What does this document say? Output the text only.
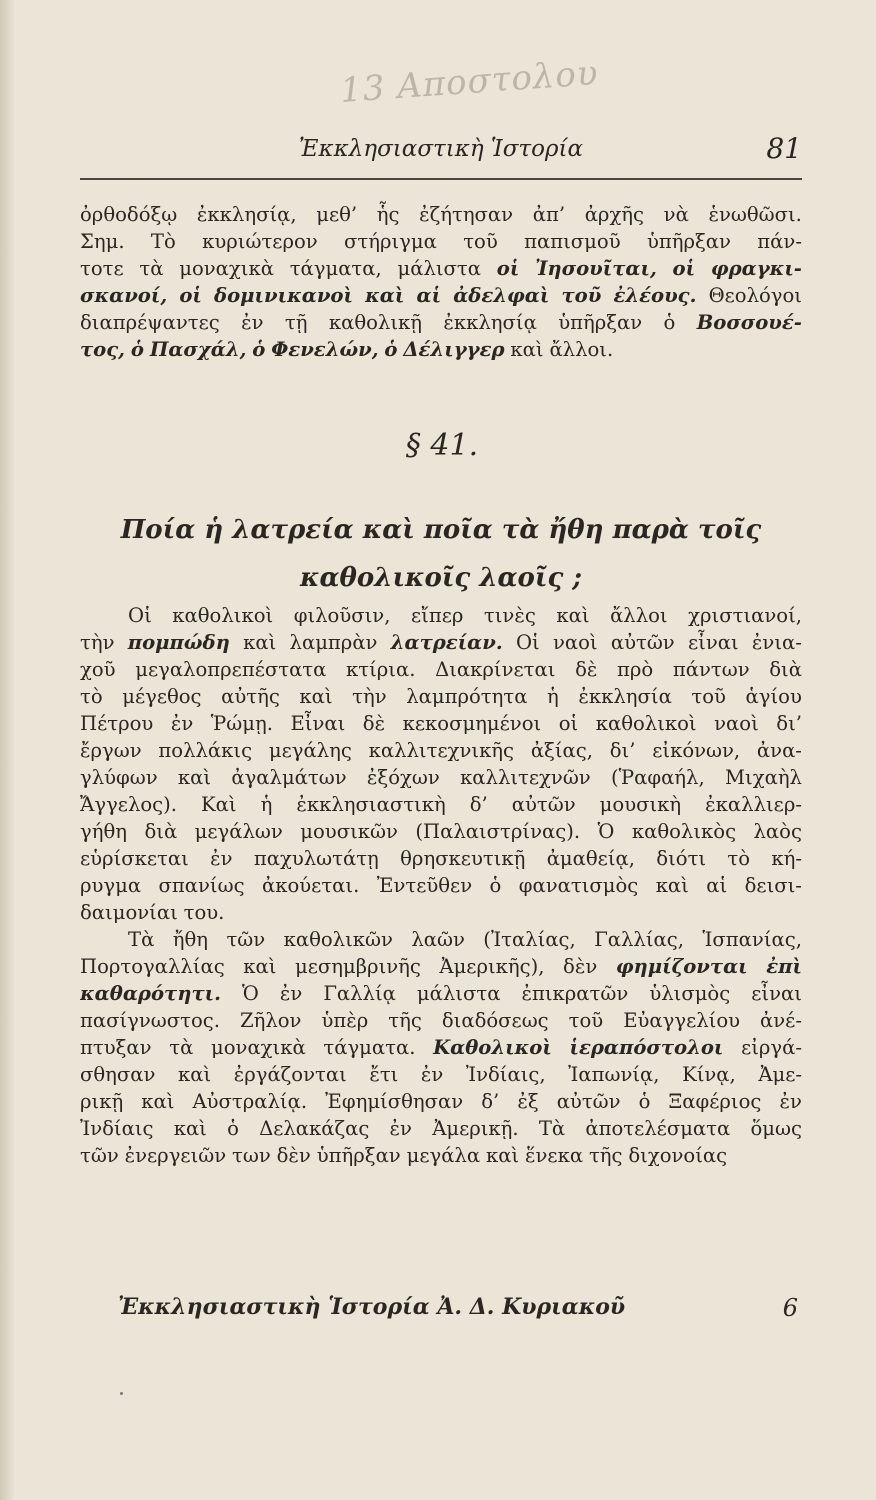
13 Αποστολου
Ἐκκλησιαστικὴ Ἱστορία	81
ὀρθοδόξῳ ἐκκλησίᾳ, μεθ’ ἧς ἐζήτησαν ἀπ’ ἀρχῆς νὰ ἑνωθῶσι.
Σημ. Τὸ κυριώτερον στήριγμα τοῦ παπισμοῦ ὑπῆρξαν πάν-
τοτε τὰ μοναχικὰ τάγματα, μάλιστα οἱ Ἰησουῖται, οἱ φραγκι-
σκανοί, οἱ δομινικανοὶ καὶ αἱ ἀδελφαὶ τοῦ ἐλέους. Θεολόγοι
διαπρέψαντες ἐν τῇ καθολικῇ ἐκκλησίᾳ ὑπῆρξαν ὁ Βοσσουέ-
τος, ὁ Πασχάλ, ὁ Φενελών, ὁ Δέλιγγερ καὶ ἄλλοι.
§ 41.
Ποία ἡ λατρεία καὶ ποῖα τὰ ἤθη παρὰ τοῖς
καθολικοῖς λαοῖς ;
Οἱ καθολικοὶ φιλοῦσιν, εἴπερ τινὲς καὶ ἄλλοι χριστιανοί,
τὴν πομπώδη καὶ λαμπρὰν λατρείαν. Οἱ ναοὶ αὐτῶν εἶναι ἐνια-
χοῦ μεγαλοπρεπέστατα κτίρια. Διακρίνεται δὲ πρὸ πάντων διὰ
τὸ μέγεθος αὐτῆς καὶ τὴν λαμπρότητα ἡ ἐκκλησία τοῦ ἁγίου
Πέτρου ἐν Ῥώμῃ. Εἶναι δὲ κεκοσμημένοι οἱ καθολικοὶ ναοὶ δι’
ἔργων πολλάκις μεγάλης καλλιτεχνικῆς ἀξίας, δι’ εἰκόνων, ἀνα-
γλύφων καὶ ἀγαλμάτων ἐξόχων καλλιτεχνῶν (Ῥαφαήλ, Μιχαὴλ
Ἄγγελος). Καὶ ἡ ἐκκλησιαστικὴ δ’ αὐτῶν μουσικὴ ἐκαλλιερ-
γήθη διὰ μεγάλων μουσικῶν (Παλαιστρίνας). Ὁ καθολικὸς λαὸς
εὑρίσκεται ἐν παχυλωτάτῃ θρησκευτικῇ ἀμαθείᾳ, διότι τὸ κή-
ρυγμα σπανίως ἀκούεται. Ἐντεῦθεν ὁ φανατισμὸς καὶ αἱ δεισι-
δαιμονίαι του.
Τὰ ἤθη τῶν καθολικῶν λαῶν (Ἰταλίας, Γαλλίας, Ἱσπανίας,
Πορτογαλλίας καὶ μεσημβρινῆς Ἀμερικῆς), δὲν φημίζονται ἐπὶ
καθαρότητι. Ὁ ἐν Γαλλίᾳ μάλιστα ἐπικρατῶν ὑλισμὸς εἶναι
πασίγνωστος. Ζῆλον ὑπὲρ τῆς διαδόσεως τοῦ Εὐαγγελίου ἀνέ-
πτυξαν τὰ μοναχικὰ τάγματα. Καθολικοὶ ἱεραπόστολοι εἰργά-
σθησαν καὶ ἐργάζονται ἔτι ἐν Ἰνδίαις, Ἰαπωνίᾳ, Κίνᾳ, Ἀμε-
ρικῇ καὶ Αὐστραλίᾳ. Ἐφημίσθησαν δ’ ἐξ αὐτῶν ὁ Ξαφέριος ἐν
Ἰνδίαις καὶ ὁ Δελακάζας ἐν Ἀμερικῇ. Τὰ ἀποτελέσματα ὅμως
τῶν ἐνεργειῶν των δὲν ὑπῆρξαν μεγάλα καὶ ἕνεκα τῆς διχονοίας
Ἐκκλησιαστικὴ Ἱστορία Ἀ. Δ. Κυριακοῦ	6
